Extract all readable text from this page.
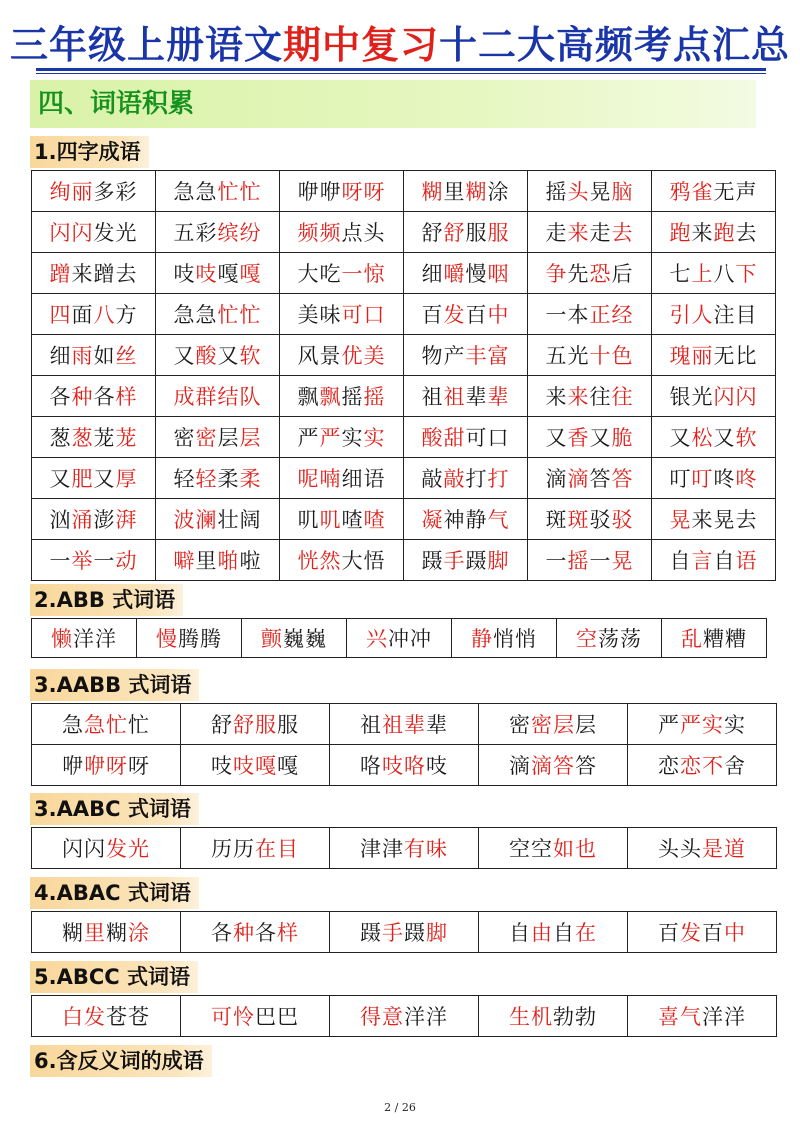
三年级上册语文期中复习十二大高频考点汇总
四、词语积累
1.四字成语
绚丽多彩	急急忙忙	咿咿呀呀	糊里糊涂	摇头晃脑	鸦雀无声
闪闪发光	五彩缤纷	频频点头	舒舒服服	走来走去	跑来跑去
蹭来蹭去	吱吱嘎嘎	大吃一惊	细嚼慢咽	争先恐后	七上八下
四面八方	急急忙忙	美味可口	百发百中	一本正经	引人注目
细雨如丝	又酸又软	风景优美	物产丰富	五光十色	瑰丽无比
各种各样	成群结队	飘飘摇摇	祖祖辈辈	来来往往	银光闪闪
葱葱茏茏	密密层层	严严实实	酸甜可口	又香又脆	又松又软
又肥又厚	轻轻柔柔	呢喃细语	敲敲打打	滴滴答答	叮叮咚咚
汹涌澎湃	波澜壮阔	叽叽喳喳	凝神静气	斑斑驳驳	晃来晃去
一举一动	噼里啪啦	恍然大悟	蹑手蹑脚	一摇一晃	自言自语
2.ABB 式词语
懒洋洋	慢腾腾	颤巍巍	兴冲冲	静悄悄	空荡荡	乱糟糟
3.AABB 式词语
急急忙忙	舒舒服服	祖祖辈辈	密密层层	严严实实
咿咿呀呀	吱吱嘎嘎	咯吱咯吱	滴滴答答	恋恋不舍
3.AABC 式词语
闪闪发光	历历在目	津津有味	空空如也	头头是道
4.ABAC 式词语
糊里糊涂	各种各样	蹑手蹑脚	自由自在	百发百中
5.ABCC 式词语
白发苍苍	可怜巴巴	得意洋洋	生机勃勃	喜气洋洋
6.含反义词的成语
2 / 26
